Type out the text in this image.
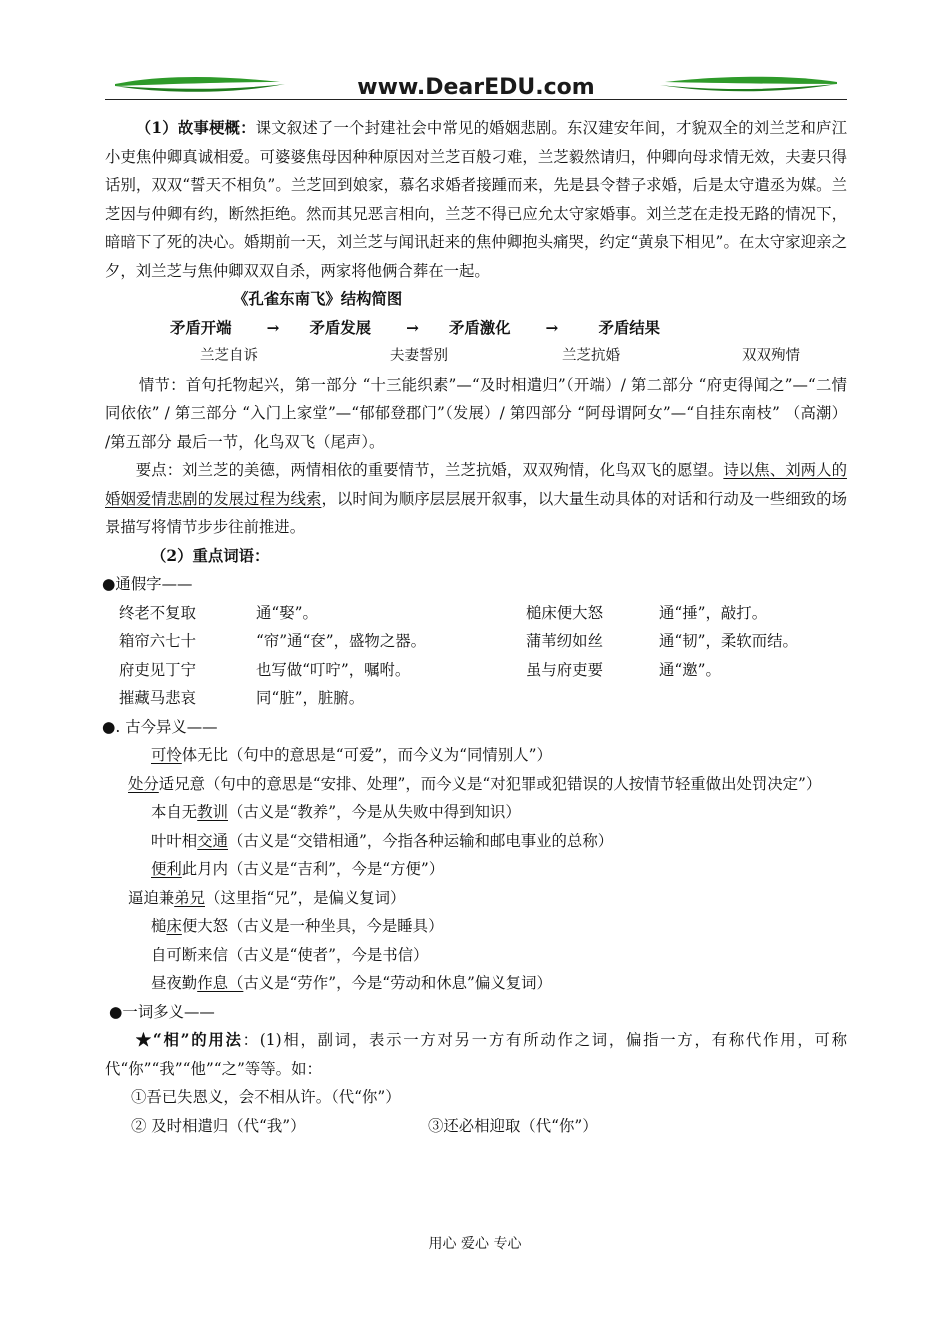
www.DearEDU.com

（1）故事梗概：课文叙述了一个封建社会中常见的婚姻悲剧。东汉建安年间，才貌双全的刘兰芝和庐江小吏焦仲卿真诚相爱。可婆婆焦母因种种原因对兰芝百般刁难，兰芝毅然请归，仲卿向母求情无效，夫妻只得话别，双双“誓天不相负”。兰芝回到娘家，慕名求婚者接踵而来，先是县令替子求婚，后是太守遣丞为媒。兰芝因与仲卿有约，断然拒绝。然而其兄恶言相向，兰芝不得已应允太守家婚事。刘兰芝在走投无路的情况下，暗暗下了死的决心。婚期前一天，刘兰芝与闻讯赶来的焦仲卿抱头痛哭，约定“黄泉下相见”。在太守家迎亲之夕，刘兰芝与焦仲卿双双自杀，两家将他俩合葬在一起。

《孔雀东南飞》结构简图
矛盾开端 → 矛盾发展 → 矛盾激化 →	矛盾结果
兰芝自诉	夫妻誓别	兰芝抗婚	双双殉情

情节：首句托物起兴，第一部分 “十三能织素”—“及时相遣归”（开端）/ 第二部分 “府吏得闻之”—“二情同依依” / 第三部分 “入门上家堂”—“郁郁登郡门”（发展）/ 第四部分 “阿母谓阿女”—“自挂东南枝” （高潮） /第五部分 最后一节，化鸟双飞（尾声）。

要点：刘兰芝的美德，两情相依的重要情节，兰芝抗婚，双双殉情，化鸟双飞的愿望。诗以焦、刘两人的婚姻爱情悲剧的发展过程为线索，以时间为顺序层层展开叙事，以大量生动具体的对话和行动及一些细致的场景描写将情节步步往前推进。

（2）重点词语：
●通假字——
终老不复取	通“娶”。	槌床便大怒	通“捶”，敲打。
箱帘六七十	“帘”通“奁”，盛物之器。	蒲苇纫如丝	通“韧”，柔软而结。
府吏见丁宁	也写做“叮咛”，嘱咐。	虽与府吏要	通“邀”。
摧藏马悲哀	同“脏”，脏腑。
●. 古今异义——
可怜体无比（句中的意思是“可爱”，而今义为“同情别人”）

处分适兄意（句中的意思是“安排、处理”，而今义是“对犯罪或犯错误的人按情节轻重做出处罚决定”）

本自无教训（古义是“教养”，今是从失败中得到知识）
叶叶相交通（古义是“交错相通”，今指各种运输和邮电事业的总称）
便利此月内（古义是“吉利”，今是“方便”）
逼迫兼弟兄（这里指“兄”，是偏义复词）
槌床便大怒（古义是一种坐具，今是睡具）
自可断来信（古义是“使者”，今是书信）
昼夜勤作息（古义是“劳作”，今是“劳动和休息”偏义复词）
●一词多义——

★“相”的用法：(1)相，副词，表示一方对另一方有所动作之词，偏指一方，有称代作用，可称代“你”“我”“他”“之”等等。如：

①吾已失恩义，会不相从许。（代“你”）
② 及时相遣归（代“我”）	③还必相迎取（代“你”）
用心 爱心 专心
